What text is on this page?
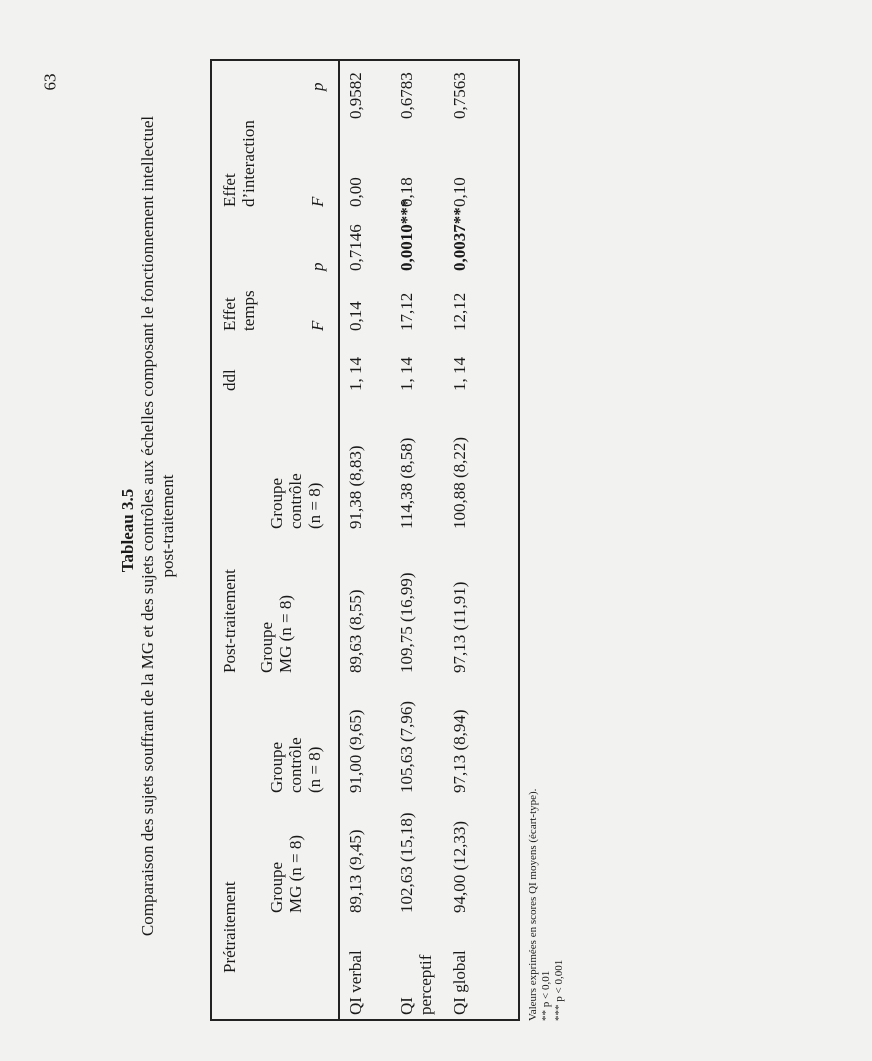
63
Tableau 3.5 Comparaison des sujets souffrant de la MG et des sujets contrôles aux échelles composant le fonctionnement intellectuel post-traitement
Prétraitement
Post-traitement
ddl
Effet temps
Effet d’interaction
Groupe MG (n = 8)
Groupe contrôle (n = 8)
Groupe MG (n = 8)
Groupe contrôle (n = 8)
F
p
F
p
QI verbal
89,13 (9,45)
91,00 (9,65)
89,63 (8,55)
91,38 (8,83)
1, 14
0,14
0,7146
0,00
0,9582
QI perceptif
102,63 (15,18)
105,63 (7,96)
109,75 (16,99)
114,38 (8,58)
1, 14
17,12
0,0010***
0,18
0,6783
QI global
94,00 (12,33)
97,13 (8,94)
97,13 (11,91)
100,88 (8,22)
1, 14
12,12
0,0037**
0,10
0,7563
Valeurs exprimées en scores QI moyens (écart-type). ** p < 0,01 *** p < 0,001
